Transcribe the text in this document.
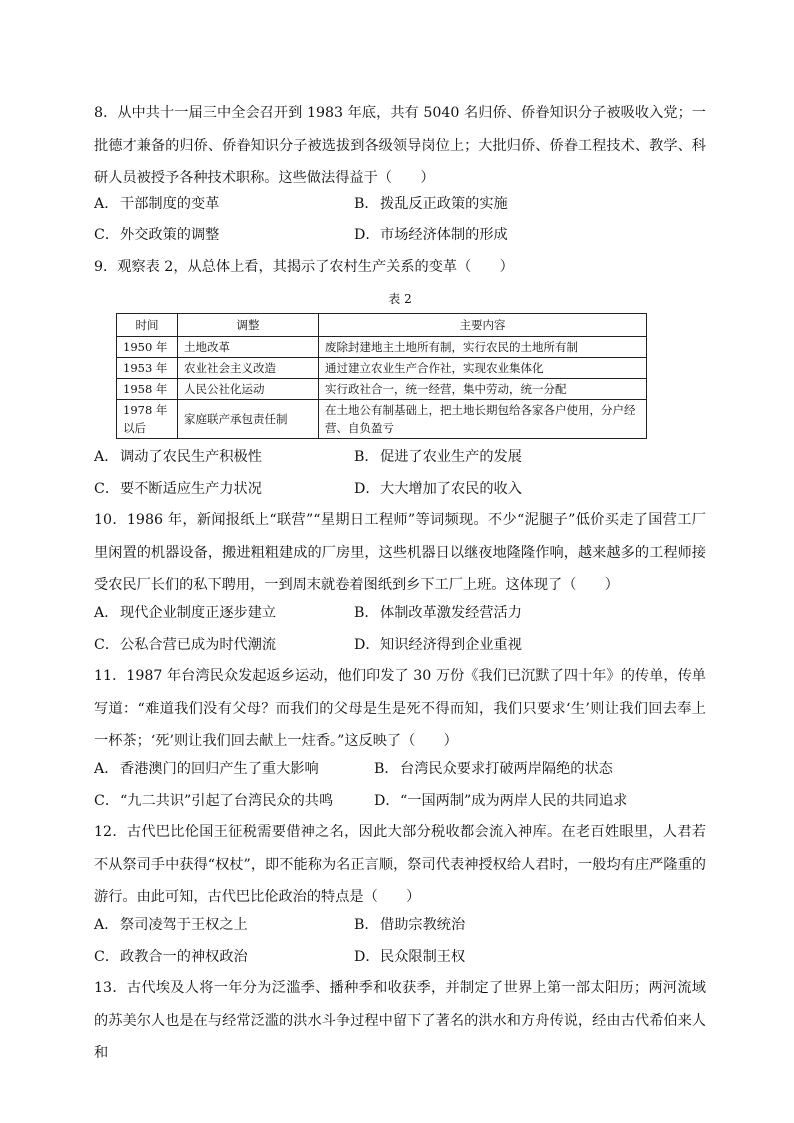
8．从中共十一届三中全会召开到 1983 年底，共有 5040 名归侨、侨眷知识分子被吸收入党；一批德才兼备的归侨、侨眷知识分子被选拔到各级领导岗位上；大批归侨、侨眷工程技术、教学、科研人员被授予各种技术职称。这些做法得益于（　　）
A． 干部制度的变革	B．拨乱反正政策的实施
C．外交政策的调整	D．市场经济体制的形成
9．观察表 2，从总体上看，其揭示了农村生产关系的变革（　　）
表 2
时间	调整	主要内容
1950 年	土地改革	废除封建地主土地所有制，实行农民的土地所有制
1953 年	农业社会主义改造	通过建立农业生产合作社，实现农业集体化
1958 年	人民公社化运动	实行政社合一，统一经营，集中劳动，统一分配
1978 年以后	家庭联产承包责任制	在土地公有制基础上，把土地长期包给各家各户使用，分户经营、自负盈亏
A． 调动了农民生产积极性	B．促进了农业生产的发展
C．要不断适应生产力状况	D．大大增加了农民的收入
10．1986 年，新闻报纸上“联营”“星期日工程师”等词频现。不少“泥腿子”低价买走了国营工厂里闲置的机器设备，搬进粗粗建成的厂房里，这些机器日以继夜地隆隆作响，越来越多的工程师接受农民厂长们的私下聘用，一到周末就卷着图纸到乡下工厂上班。这体现了（　　）
A． 现代企业制度正逐步建立	B．体制改革激发经营活力
C．公私合营已成为时代潮流	D．知识经济得到企业重视
11．1987 年台湾民众发起返乡运动，他们印发了 30 万份《我们已沉默了四十年》的传单，传单写道：“难道我们没有父母？而我们的父母是生是死不得而知，我们只要求‘生’则让我们回去奉上一杯茶；‘死’则让我们回去献上一炷香。”这反映了（　　）
A． 香港澳门的回归产生了重大影响	B．台湾民众要求打破两岸隔绝的状态
C．“九二共识”引起了台湾民众的共鸣	D．“一国两制”成为两岸人民的共同追求
12．古代巴比伦国王征税需要借神之名，因此大部分税收都会流入神库。在老百姓眼里，人君若不从祭司手中获得“权杖”，即不能称为名正言顺，祭司代表神授权给人君时，一般均有庄严隆重的游行。由此可知，古代巴比伦政治的特点是（　　）
A． 祭司凌驾于王权之上	B．借助宗教统治
C．政教合一的神权政治	D．民众限制王权
13．古代埃及人将一年分为泛滥季、播种季和收获季，并制定了世界上第一部太阳历；两河流域的苏美尔人也是在与经常泛滥的洪水斗争过程中留下了著名的洪水和方舟传说，经由古代希伯来人和
